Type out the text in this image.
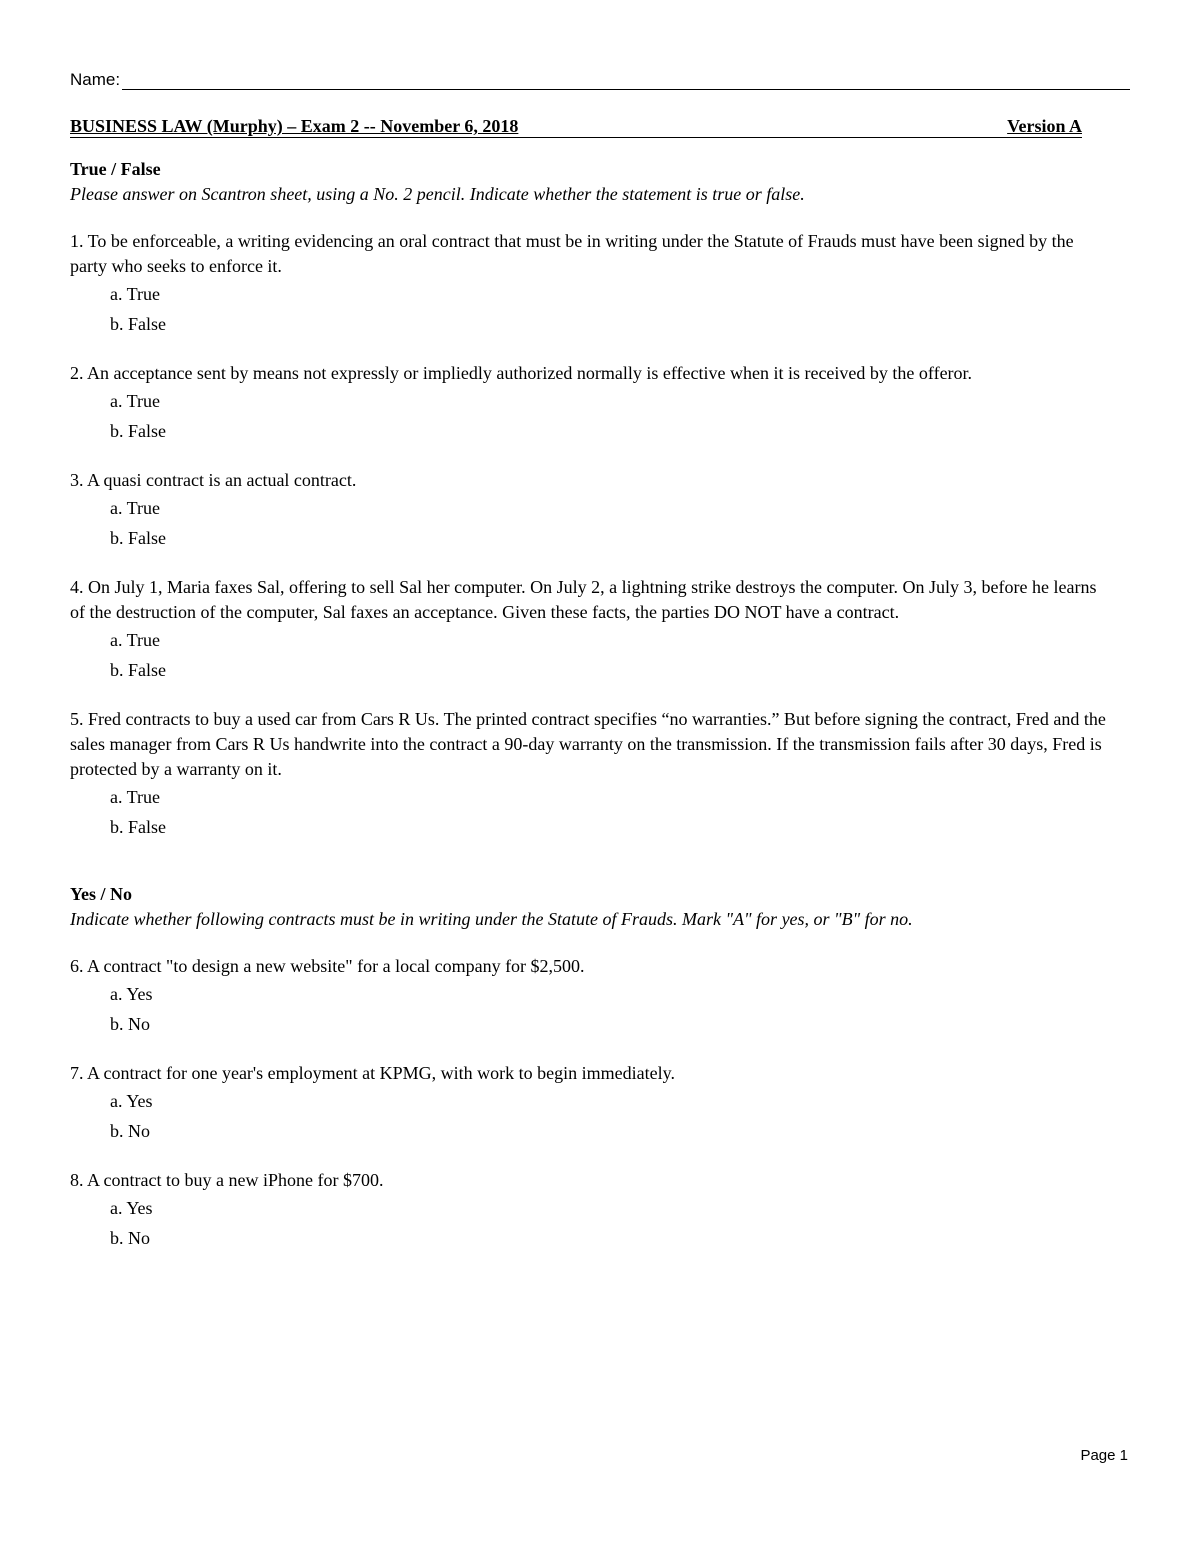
Name:
BUSINESS LAW (Murphy) – Exam 2 -- November 6, 2018	Version A
True / False
Please answer on Scantron sheet, using a No. 2 pencil. Indicate whether the statement is true or false.

1. To be enforceable, a writing evidencing an oral contract that must be in writing under the Statute of Frauds must have been signed by the party who seeks to enforce it.

a. True
b. False

2. An acceptance sent by means not expressly or impliedly authorized normally is effective when it is received by the offeror.

a. True
b. False

3. A quasi contract is an actual contract.

a. True
b. False

4. On July 1, Maria faxes Sal, offering to sell Sal her computer. On July 2, a lightning strike destroys the computer. On July 3, before he learns of the destruction of the computer, Sal faxes an acceptance. Given these facts, the parties DO NOT have a contract.

a. True
b. False

5. Fred contracts to buy a used car from Cars R Us. The printed contract specifies “no warranties.” But before signing the contract, Fred and the sales manager from Cars R Us handwrite into the contract a 90-day warranty on the transmission. If the transmission fails after 30 days, Fred is protected by a warranty on it.

a. True
b. False
Yes / No
Indicate whether following contracts must be in writing under the Statute of Frauds. Mark "A" for yes, or "B" for no.

6. A contract "to design a new website" for a local company for $2,500.

a. Yes
b. No

7. A contract for one year's employment at KPMG, with work to begin immediately.

a. Yes
b. No

8. A contract to buy a new iPhone for $700.

a. Yes
b. No
Page 1
